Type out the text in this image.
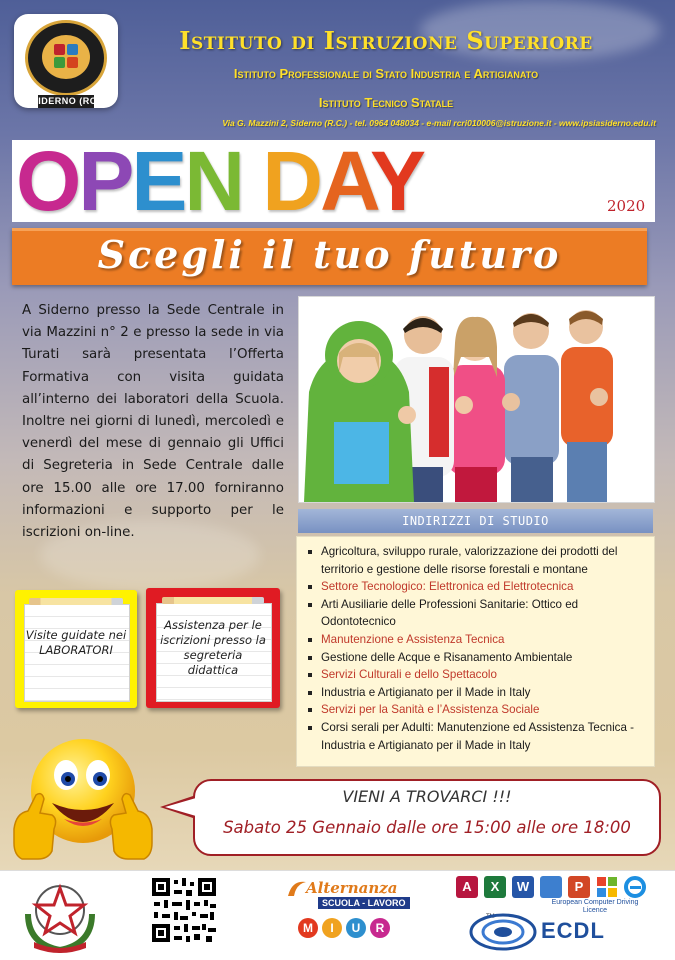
SIDERNO (RC)
Istituto di Istruzione Superiore
Istituto Professionale di Stato Industria e Artigianato
Istituto Tecnico Statale
Via G. Mazzini 2, Siderno (R.C.) - tel. 0964 048034 - e-mail rcri010006@istruzione.it - www.ipsiasiderno.edu.it
OPEN DAY	2020
Scegli il tuo futuro
A Siderno presso la Sede Centrale in via Mazzini n° 2 e presso la sede in via Turati sarà presentata l’Offerta Formativa con visita guidata all’interno dei laboratori della Scuola. Inoltre nei giorni di lunedì, mercoledì e venerdì del mese di gennaio gli Uffici di Segreteria in Sede Centrale dalle ore 15.00 alle ore 17.00 forniranno informazioni e supporto per le iscrizioni on-line.
INDIRIZZI DI STUDIO
Agricoltura, sviluppo rurale, valorizzazione dei prodotti del territorio e gestione delle risorse forestali e montane
Settore Tecnologico: Elettronica ed Elettrotecnica
Arti Ausiliarie delle Professioni Sanitarie: Ottico ed Odontotecnico
Manutenzione e Assistenza Tecnica
Gestione delle Acque e Risanamento Ambientale
Servizi Culturali e dello Spettacolo
Industria e Artigianato per il Made in Italy
Servizi per la Sanità e l’Assistenza Sociale
Corsi serali per Adulti: Manutenzione ed Assistenza Tecnica - Industria e Artigianato per il Made in Italy
Visite guidate nei LABORATORI
Assistenza per le iscrizioni presso la segreteria didattica
VIENI A TROVARCI !!!
Sabato 25 Gennaio dalle ore 15:00 alle ore 18:00
Alternanza
SCUOLA - LAVORO
M	I	U	R
A	X	W	P
TM
European Computer Driving Licence
ECDL
